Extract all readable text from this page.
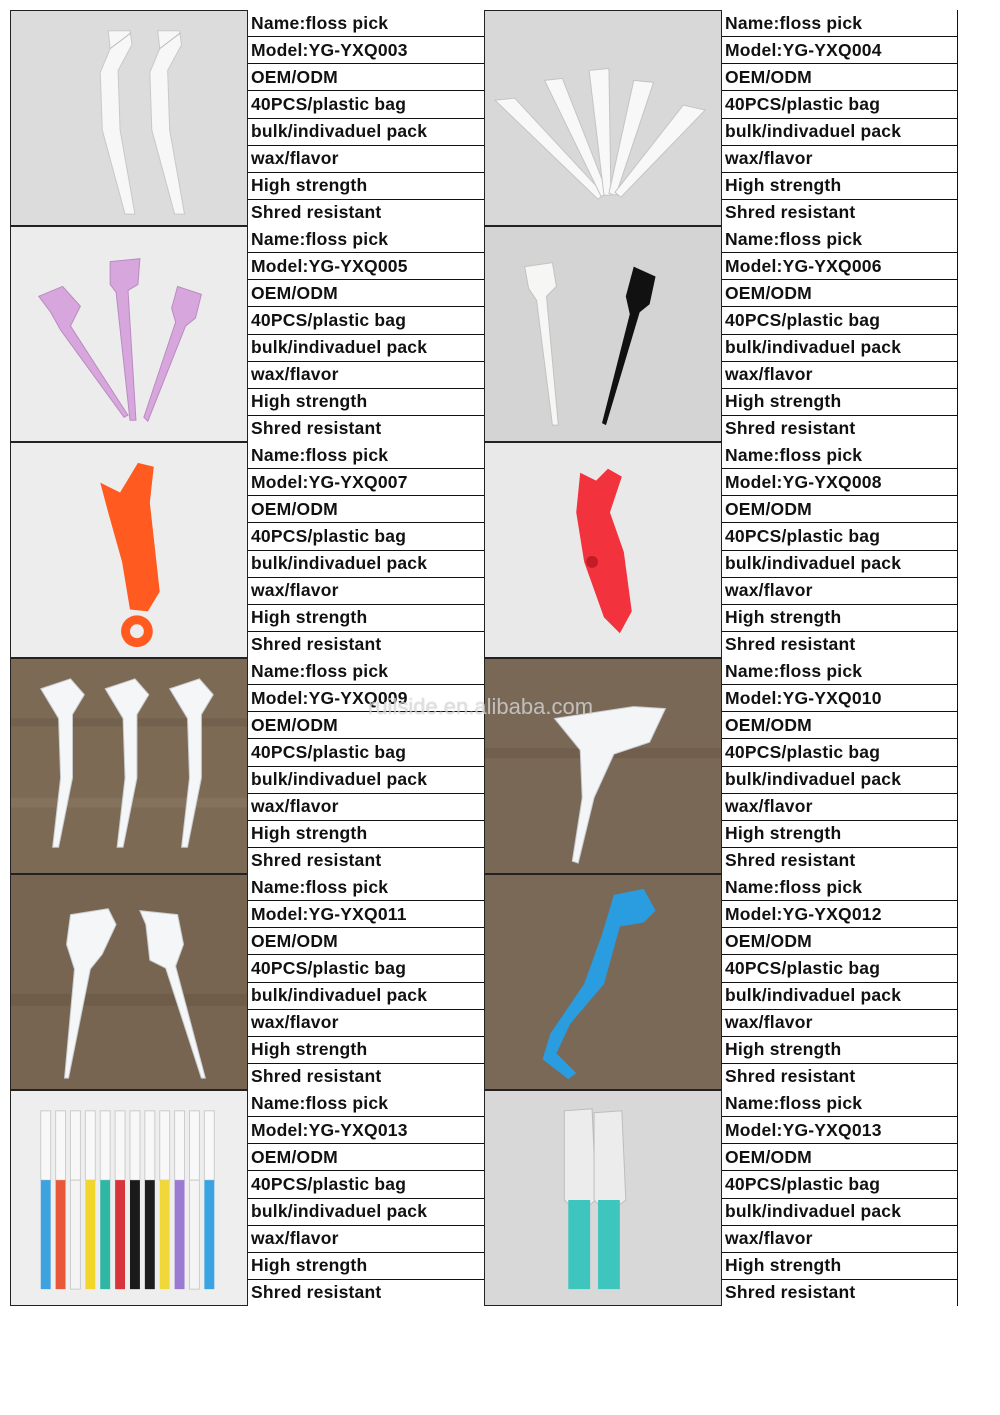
Name:floss pick
Model:YG-YXQ003
OEM/ODM
40PCS/plastic bag
bulk/indivaduel pack
wax/flavor
High strength
Shred resistant
Name:floss pick
Model:YG-YXQ004
OEM/ODM
40PCS/plastic bag
bulk/indivaduel pack
wax/flavor
High strength
Shred resistant
Name:floss pick
Model:YG-YXQ005
OEM/ODM
40PCS/plastic bag
bulk/indivaduel pack
wax/flavor
High strength
Shred resistant
Name:floss pick
Model:YG-YXQ006
OEM/ODM
40PCS/plastic bag
bulk/indivaduel pack
wax/flavor
High strength
Shred resistant
Name:floss pick
Model:YG-YXQ007
OEM/ODM
40PCS/plastic bag
bulk/indivaduel pack
wax/flavor
High strength
Shred resistant
Name:floss pick
Model:YG-YXQ008
OEM/ODM
40PCS/plastic bag
bulk/indivaduel pack
wax/flavor
High strength
Shred resistant
Name:floss pick
Model:YG-YXQ009
OEM/ODM
40PCS/plastic bag
bulk/indivaduel pack
wax/flavor
High strength
Shred resistant
Name:floss pick
Model:YG-YXQ010
OEM/ODM
40PCS/plastic bag
bulk/indivaduel pack
wax/flavor
High strength
Shred resistant
Name:floss pick
Model:YG-YXQ011
OEM/ODM
40PCS/plastic bag
bulk/indivaduel pack
wax/flavor
High strength
Shred resistant
Name:floss pick
Model:YG-YXQ012
OEM/ODM
40PCS/plastic bag
bulk/indivaduel pack
wax/flavor
High strength
Shred resistant
Name:floss pick
Model:YG-YXQ013
OEM/ODM
40PCS/plastic bag
bulk/indivaduel pack
wax/flavor
High strength
Shred resistant
Name:floss pick
Model:YG-YXQ013
OEM/ODM
40PCS/plastic bag
bulk/indivaduel pack
wax/flavor
High strength
Shred resistant
ruilside.en.alibaba.com
